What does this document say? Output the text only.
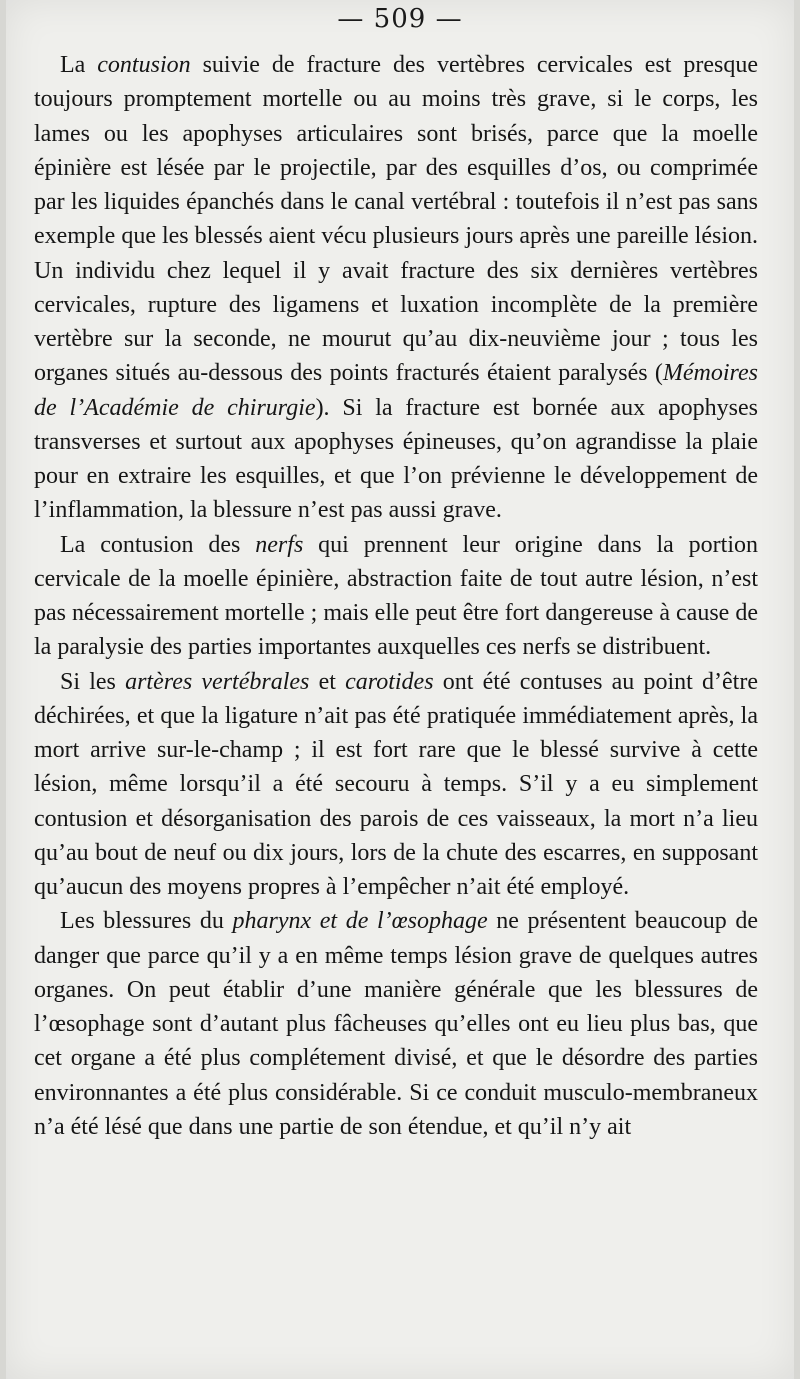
— 509 —

La contusion suivie de fracture des vertèbres cervicales est presque toujours promptement mortelle ou au moins très grave, si le corps, les lames ou les apophyses articulaires sont brisés, parce que la moelle épinière est lésée par le projectile, par des esquilles d’os, ou comprimée par les liquides épanchés dans le canal vertébral : toutefois il n’est pas sans exemple que les blessés aient vécu plusieurs jours après une pareille lésion. Un individu chez lequel il y avait fracture des six dernières vertèbres cervicales, rupture des ligamens et luxation incomplète de la première vertèbre sur la seconde, ne mourut qu’au dix-neuvième jour ; tous les organes situés au-dessous des points fracturés étaient paralysés (Mémoires de l’Académie de chirurgie). Si la fracture est bornée aux apophyses transverses et surtout aux apophyses épineuses, qu’on agrandisse la plaie pour en extraire les esquilles, et que l’on prévienne le développement de l’inflammation, la blessure n’est pas aussi grave.

La contusion des nerfs qui prennent leur origine dans la portion cervicale de la moelle épinière, abstraction faite de tout autre lésion, n’est pas nécessairement mortelle ; mais elle peut être fort dangereuse à cause de la paralysie des parties importantes auxquelles ces nerfs se distribuent.

Si les artères vertébrales et carotides ont été contuses au point d’être déchirées, et que la ligature n’ait pas été pratiquée immédiatement après, la mort arrive sur-le-champ ; il est fort rare que le blessé survive à cette lésion, même lorsqu’il a été secouru à temps. S’il y a eu simplement contusion et désorganisation des parois de ces vaisseaux, la mort n’a lieu qu’au bout de neuf ou dix jours, lors de la chute des escarres, en supposant qu’aucun des moyens propres à l’empêcher n’ait été employé.

Les blessures du pharynx et de l’œsophage ne présentent beaucoup de danger que parce qu’il y a en même temps lésion grave de quelques autres organes. On peut établir d’une manière générale que les blessures de l’œsophage sont d’autant plus fâcheuses qu’elles ont eu lieu plus bas, que cet organe a été plus complétement divisé, et que le désordre des parties environnantes a été plus considérable. Si ce conduit musculo-membraneux n’a été lésé que dans une partie de son étendue, et qu’il n’y ait
